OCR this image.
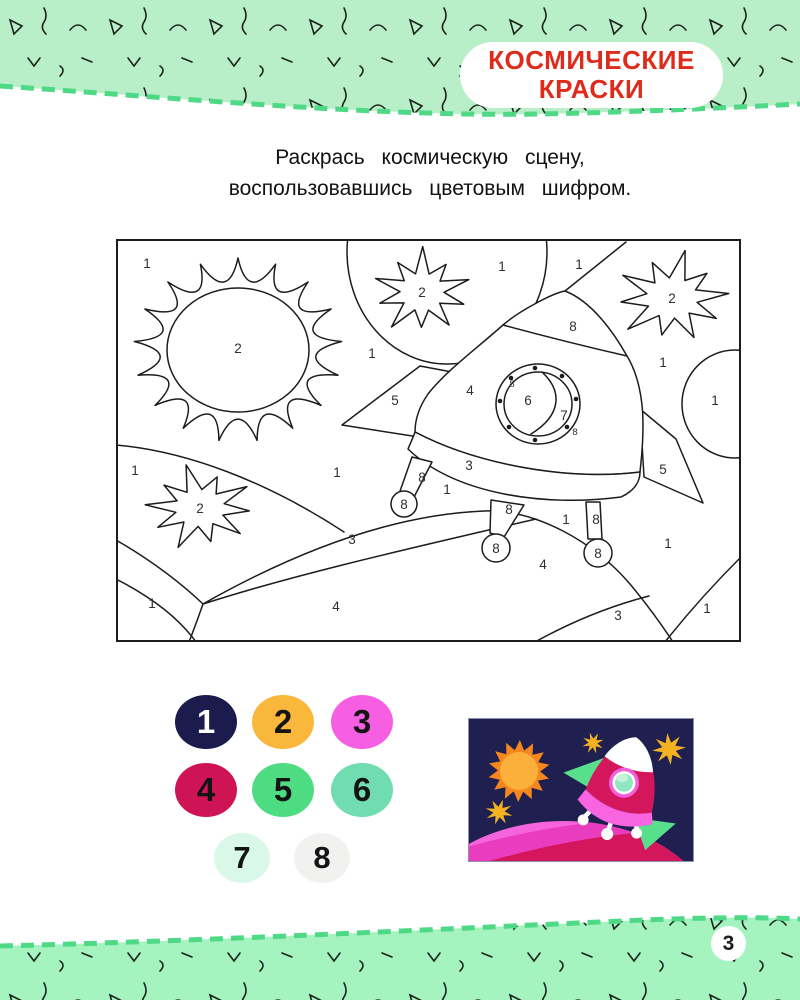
КОСМИЧЕСКИЕ
КРАСКИ
Раскрась космическую сцену,
воспользовавшись цветовым шифром.
1	1	1
1
1
1
1	1
1
1
1
1	1
2
2	2
2
3
3
3
4
4
4
5
5
6
7
8
8
8
8
8
8
8
8	8
1 2 3
4 5 6
7 8
3
